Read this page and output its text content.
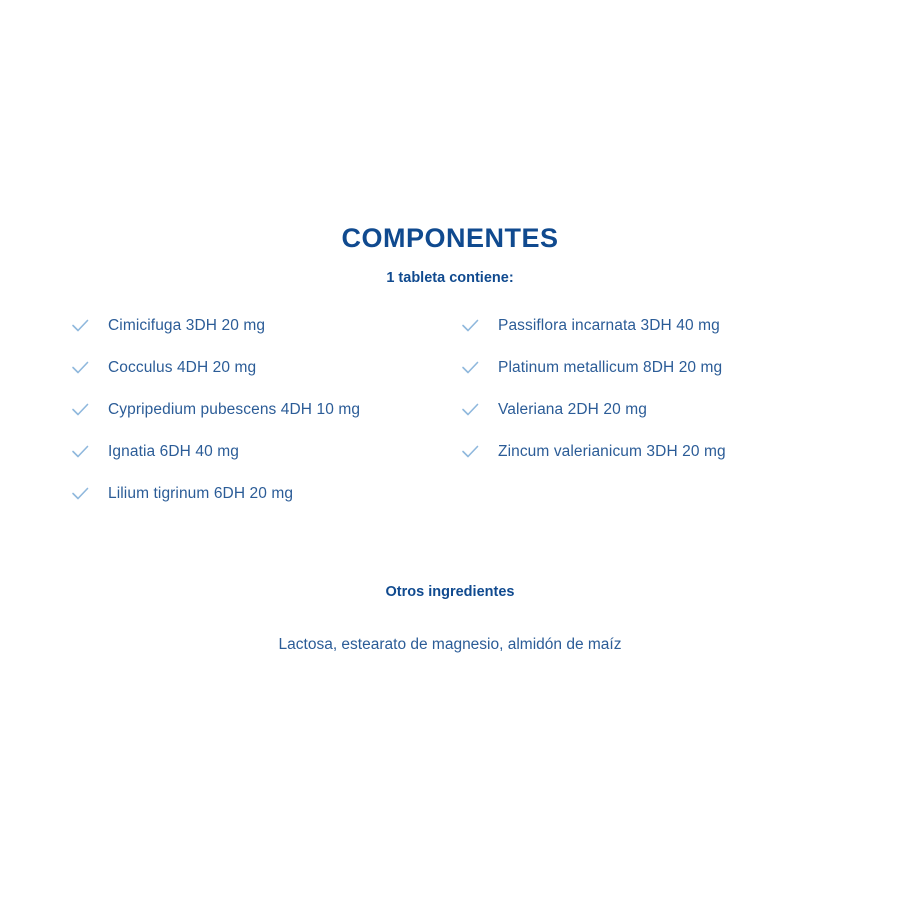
COMPONENTES
1 tableta contiene:
Cimicifuga 3DH 20 mg
Cocculus 4DH 20 mg
Cypripedium pubescens 4DH 10 mg
Ignatia 6DH 40 mg
Lilium tigrinum 6DH 20 mg
Passiflora incarnata 3DH 40 mg
Platinum metallicum 8DH 20 mg
Valeriana 2DH 20 mg
Zincum valerianicum 3DH 20 mg
Otros ingredientes
Lactosa, estearato de magnesio, almidón de maíz
